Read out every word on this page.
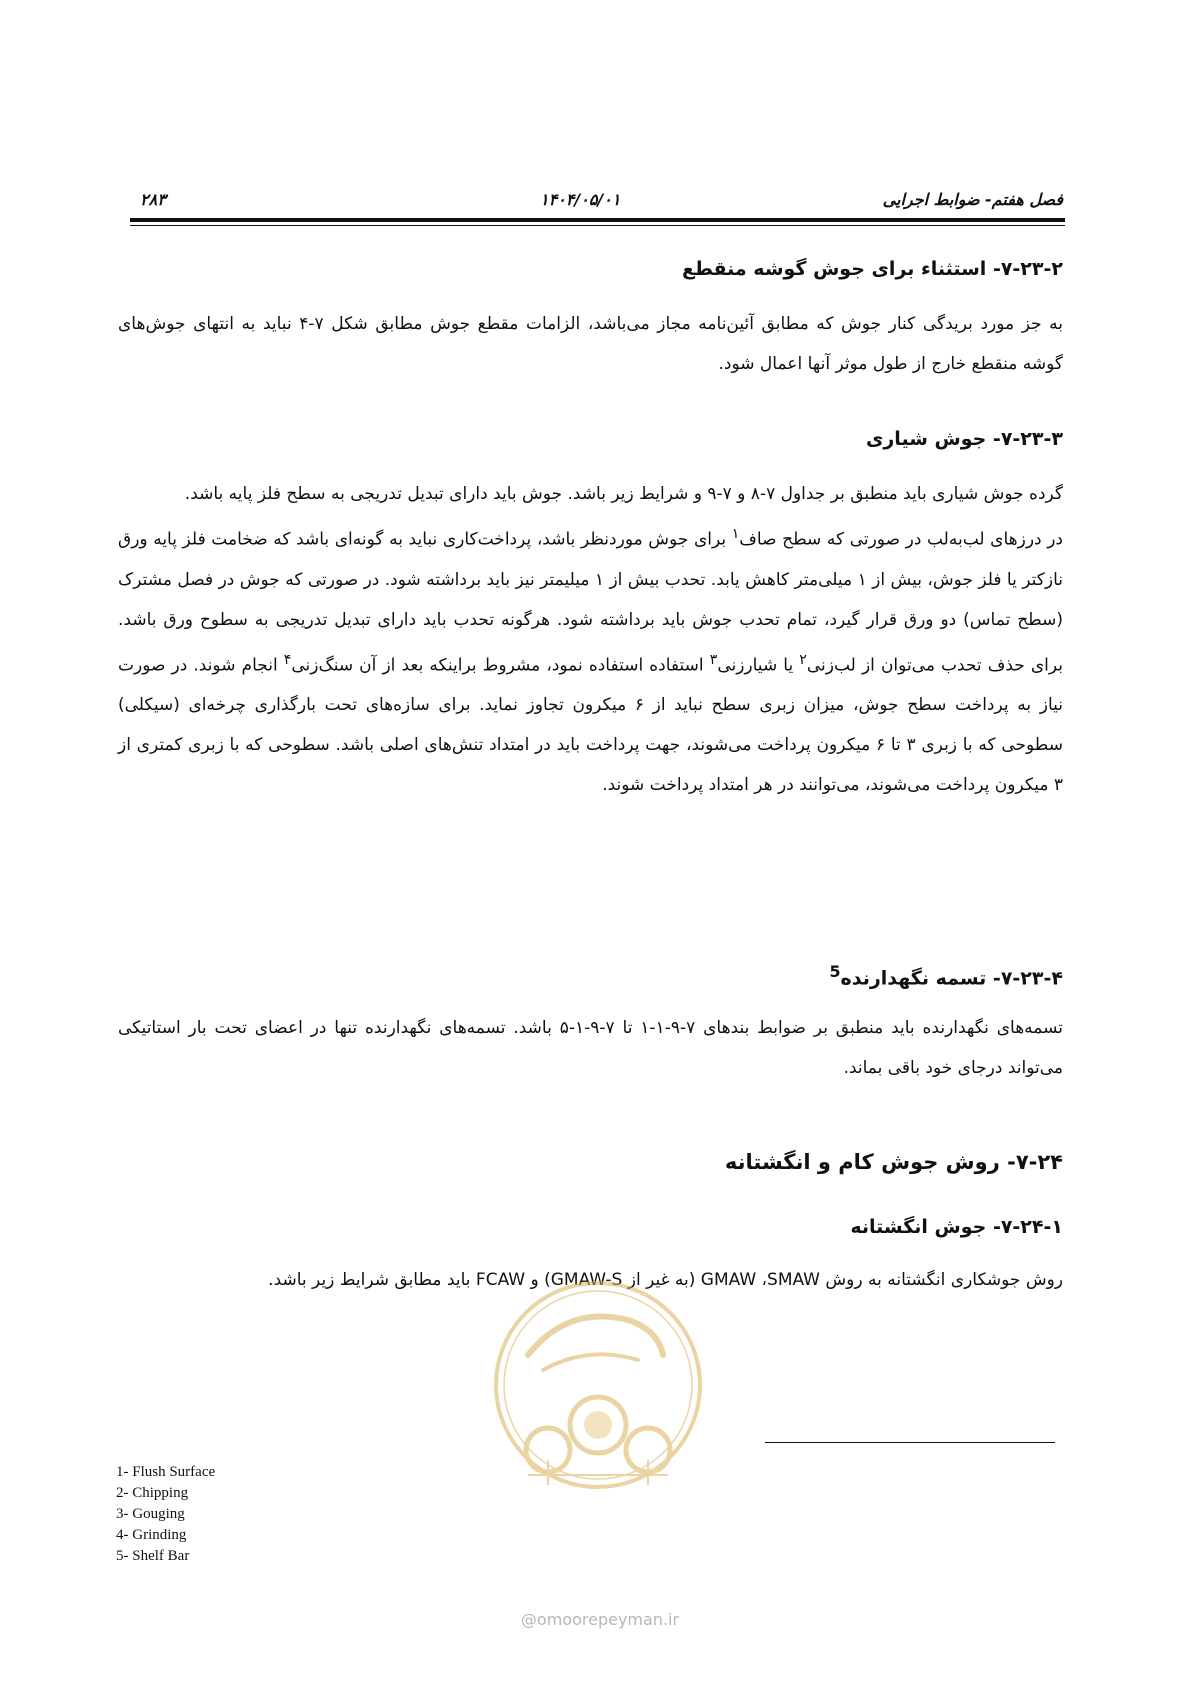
فصل هفتم- ضوابط اجرایی
۱۴۰۴/۰۵/۰۱
۲۸۳
۷-۲۳-۲- استثناء برای جوش گوشه منقطع

به جز مورد بریدگی کنار جوش که مطابق آئین‌نامه مجاز می‌باشد، الزامات مقطع جوش مطابق شکل ۷-۴ نباید به انتهای جوش‌های گوشه منقطع خارج از طول موثر آنها اعمال شود.

۷-۲۳-۳- جوش شیاری

گرده جوش شیاری باید منطبق بر جداول ۷-۸ و ۷-۹ و شرایط زیر باشد. جوش باید دارای تبدیل تدریجی به سطح فلز پایه باشد.

در درزهای لب‌به‌لب در صورتی که سطح صاف$^۱$ برای جوش موردنظر باشد، پرداخت‌کاری نباید به گونه‌ای باشد که ضخامت فلز پایه ورق نازکتر یا فلز جوش، بیش از ۱ میلی‌متر کاهش یابد. تحدب بیش از ۱ میلیمتر نیز باید برداشته شود. در صورتی که جوش در فصل مشترک (سطح تماس) دو ورق قرار گیرد، تمام تحدب جوش باید برداشته شود. هرگونه تحدب باید دارای تبدیل تدریجی به سطوح ورق باشد. برای حذف تحدب می‌توان از لب‌زنی$^۲$ یا شیارزنی$^۳$ استفاده استفاده نمود، مشروط براینکه بعد از آن سنگ‌زنی$^۴$ انجام شوند. در صورت نیاز به پرداخت سطح جوش، میزان زبری سطح نباید از ۶ میکرون تجاوز نماید. برای سازه‌های تحت بارگذاری چرخه‌ای (سیکلی) سطوحی که با زبری ۳ تا ۶ میکرون پرداخت می‌شوند، جهت پرداخت باید در امتداد تنش‌های اصلی باشد. سطوحی که با زبری کمتری از ۳ میکرون پرداخت می‌شوند، می‌توانند در هر امتداد پرداخت شوند.

۷-۲۳-۴- تسمه نگهدارنده$^5$

تسمه‌های نگهدارنده باید منطبق بر ضوابط بندهای ۷-۹-۱-۱ تا ۷-۹-۱-۵ باشد. تسمه‌های نگهدارنده تنها در اعضای تحت بار استاتیکی می‌تواند درجای خود باقی بماند.

۷-۲۴- روش جوش کام و انگشتانه
۷-۲۴-۱- جوش انگشتانه

روش جوشکاری انگشتانه به روش GMAW ،SMAW (به غیر از GMAW-S) و FCAW باید مطابق شرایط زیر باشد.

@omoorepeyman.ir
1- Flush Surface
2- Chipping
3- Gouging
4- Grinding
5- Shelf Bar
